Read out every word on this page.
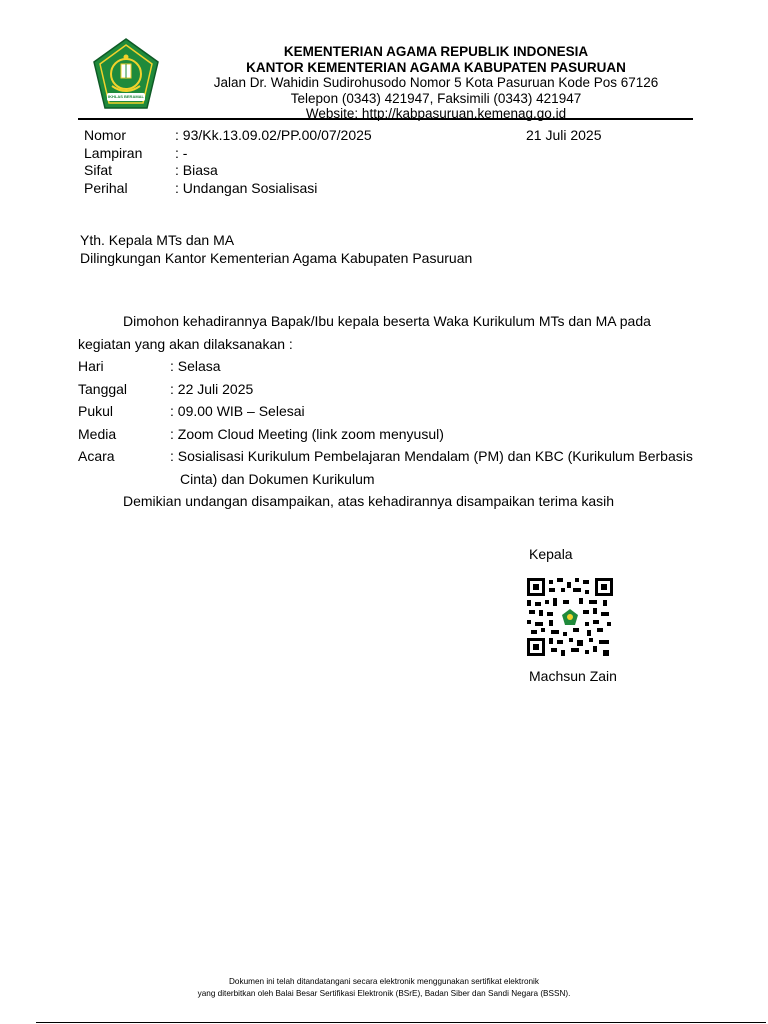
IKHLAS BERAMAL
KEMENTERIAN AGAMA REPUBLIK INDONESIA
KANTOR KEMENTERIAN AGAMA KABUPATEN PASURUAN
Jalan Dr. Wahidin Sudirohusodo Nomor 5 Kota Pasuruan Kode Pos 67126
Telepon (0343) 421947, Faksimili (0343) 421947
Website: http://kabpasuruan.kemenag.go.id
Nomor	: 93/Kk.13.09.02/PP.00/07/2025
Lampiran	: -
Sifat	: Biasa
Perihal	: Undangan Sosialisasi
21 Juli 2025
Yth. Kepala MTs dan MA
Dilingkungan Kantor Kementerian Agama Kabupaten Pasuruan

Dimohon kehadirannya Bapak/Ibu kepala beserta Waka Kurikulum MTs dan MA pada kegiatan yang akan dilaksanakan :

Hari	: Selasa
Tanggal	: 22 Juli 2025
Pukul	: 09.00 WIB – Selesai
Media	: Zoom Cloud Meeting (link zoom menyusul)
Acara	: Sosialisasi Kurikulum Pembelajaran Mendalam (PM) dan KBC (Kurikulum Berbasis Cinta) dan Dokumen Kurikulum

Demikian undangan disampaikan, atas kehadirannya disampaikan terima kasih

Kepala
Machsun Zain
Dokumen ini telah ditandatangani secara elektronik menggunakan sertifikat elektronik
yang diterbitkan oleh Balai Besar Sertifikasi Elektronik (BSrE), Badan Siber dan Sandi Negara (BSSN).
